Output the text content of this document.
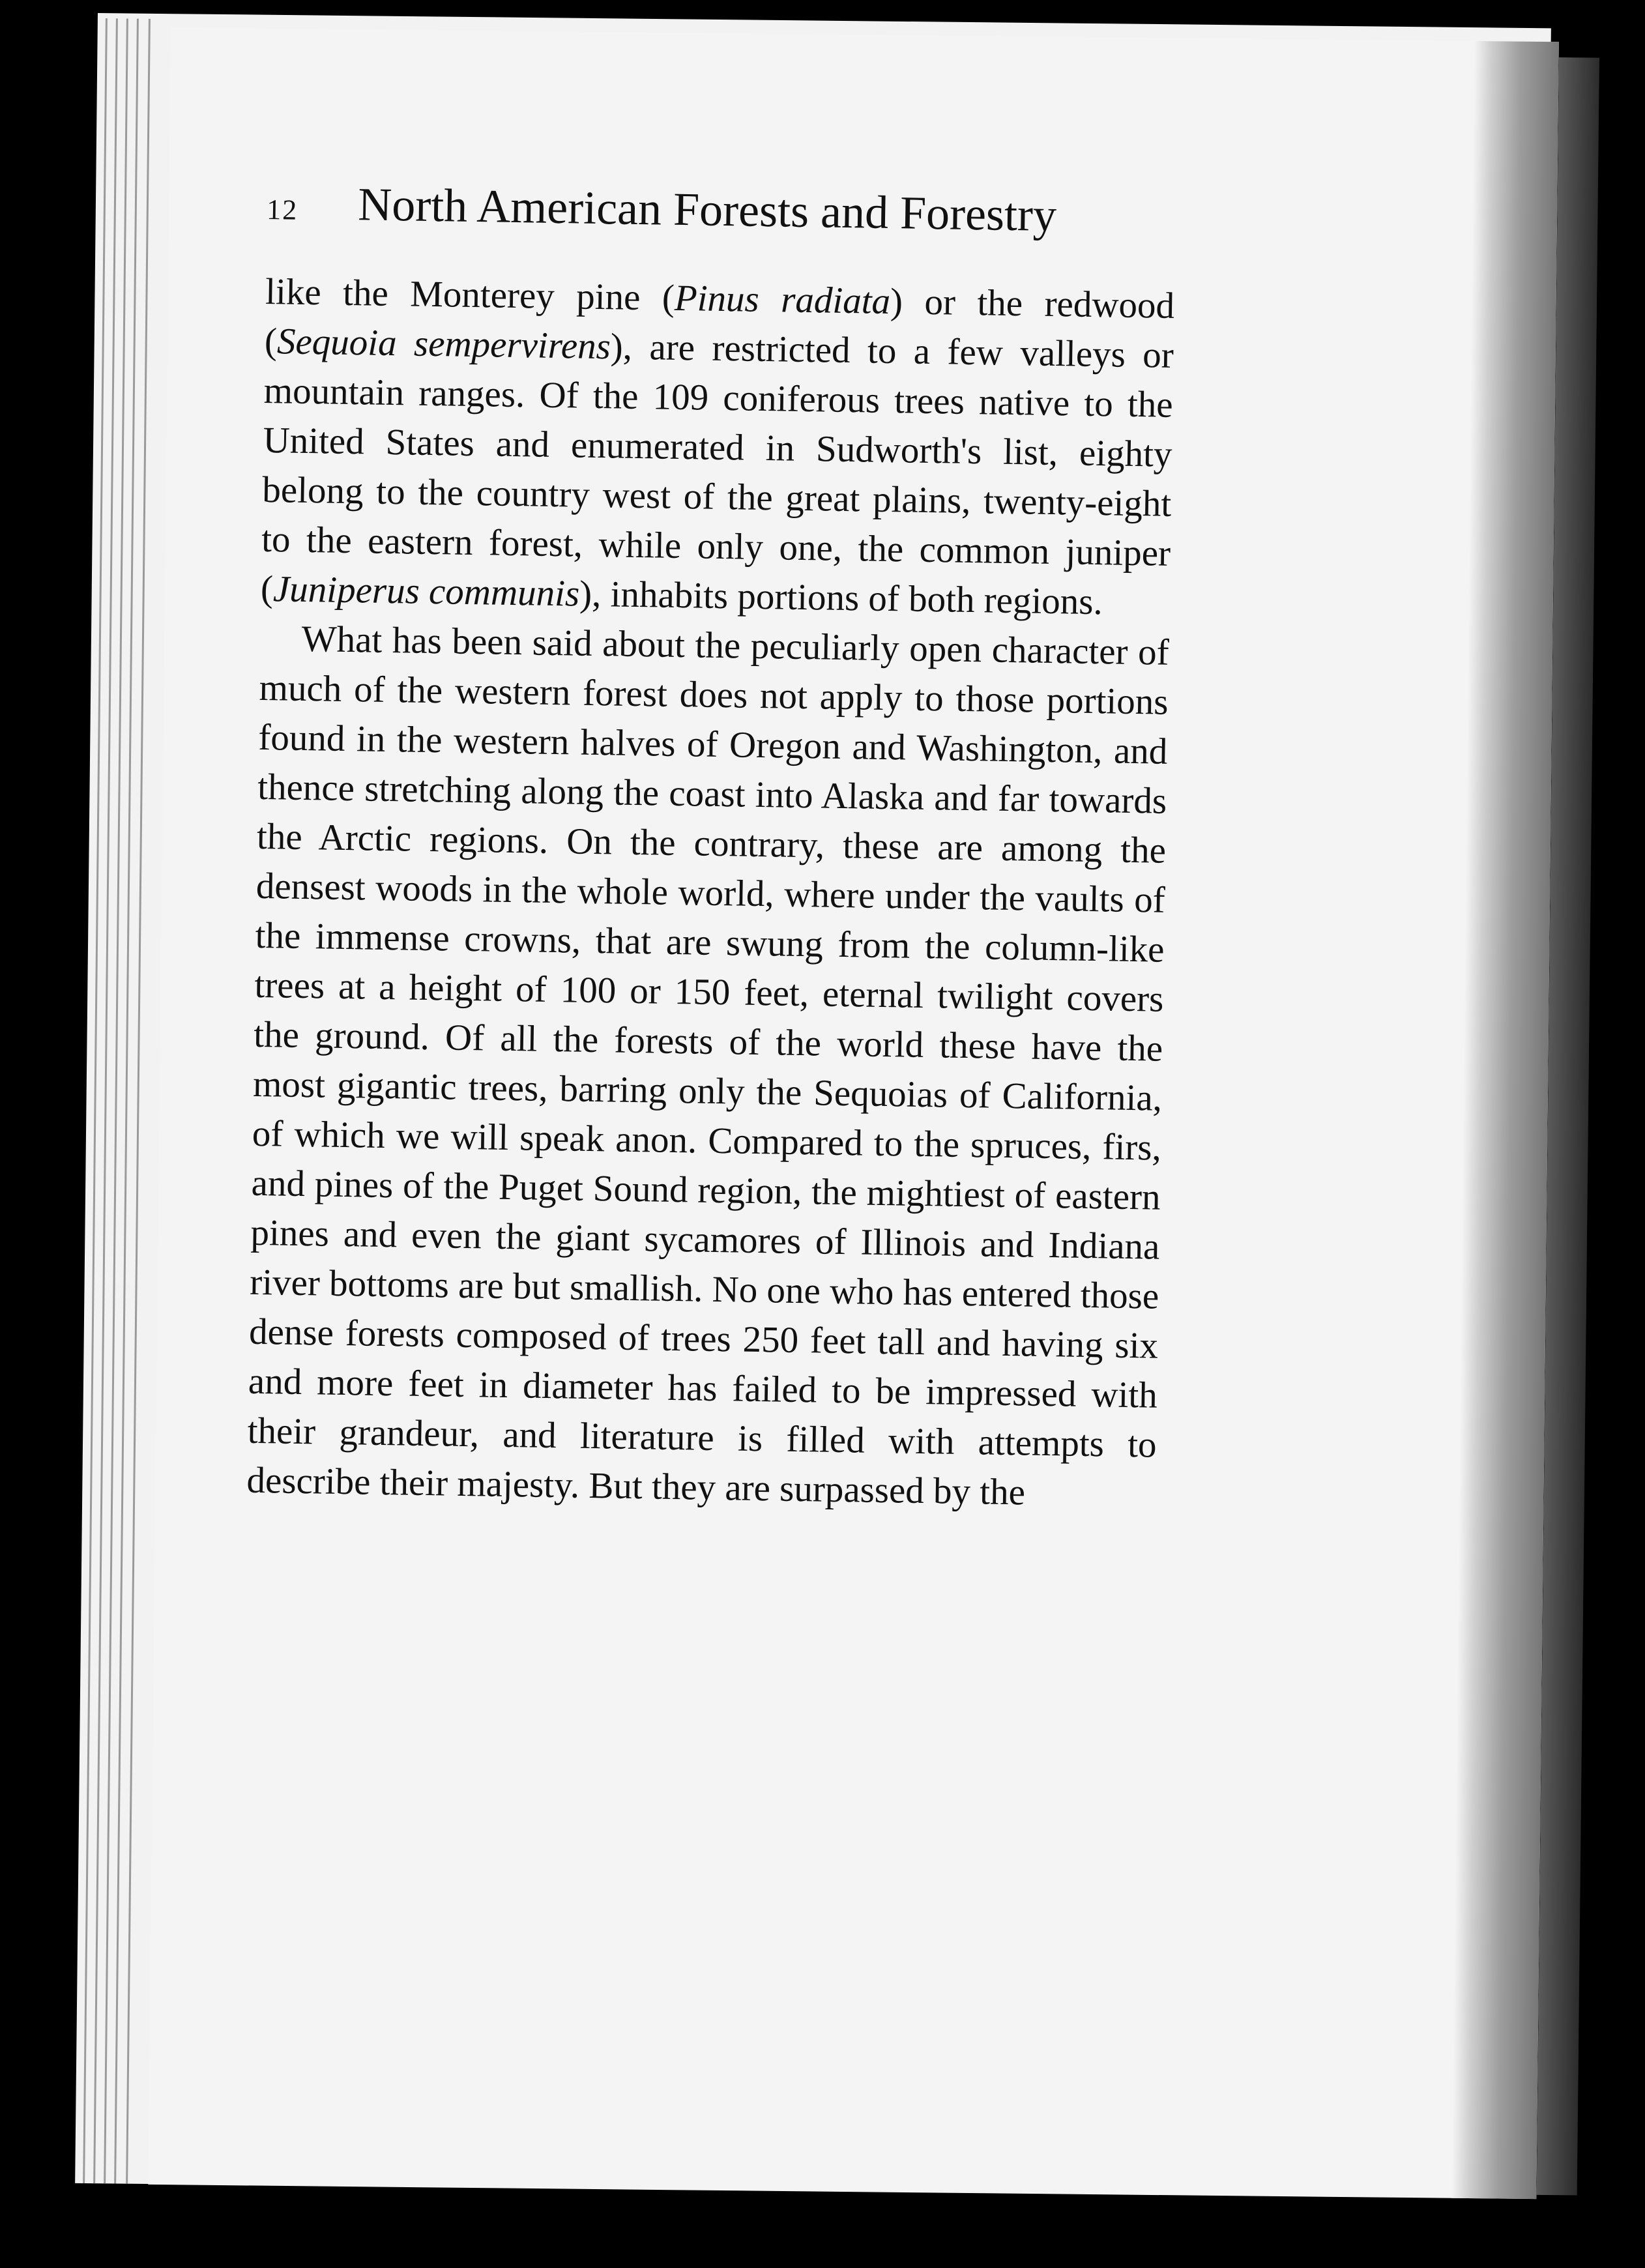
12 North American Forests and Forestry

like the Monterey pine (Pinus radiata) or the redwood (Sequoia sempervirens), are restricted to a few valleys or mountain ranges. Of the 109 coniferous trees native to the United States and enumerated in Sudworth's list, eighty belong to the country west of the great plains, twenty-eight to the eastern forest, while only one, the common juniper (Juniperus communis), inhabits portions of both regions.

What has been said about the peculiarly open character of much of the western forest does not apply to those portions found in the western halves of Oregon and Washington, and thence stretching along the coast into Alaska and far towards the Arctic regions. On the contrary, these are among the densest woods in the whole world, where under the vaults of the immense crowns, that are swung from the column-like trees at a height of 100 or 150 feet, eternal twilight covers the ground. Of all the forests of the world these have the most gigantic trees, barring only the Sequoias of California, of which we will speak anon. Compared to the spruces, firs, and pines of the Puget Sound region, the mightiest of eastern pines and even the giant sycamores of Illinois and Indiana river bottoms are but smallish. No one who has entered those dense forests composed of trees 250 feet tall and having six and more feet in diameter has failed to be impressed with their grandeur, and literature is filled with attempts to describe their majesty. But they are surpassed by the
